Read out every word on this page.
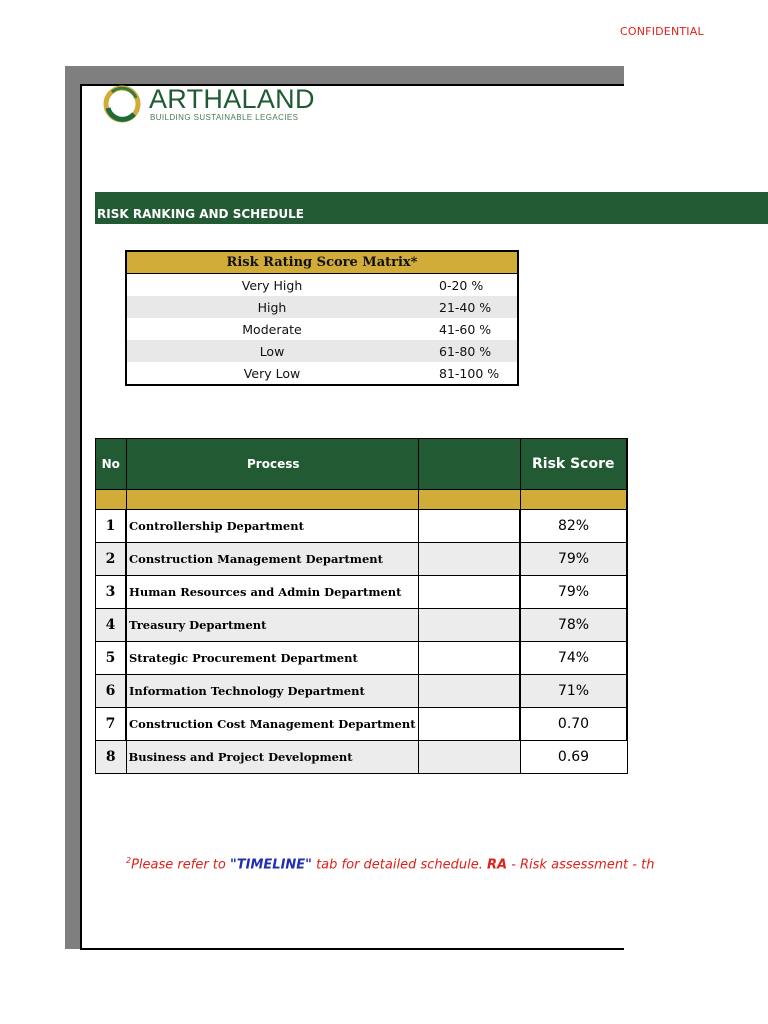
CONFIDENTIAL
ARTHALAND
BUILDING SUSTAINABLE LEGACIES
RISK RANKING AND SCHEDULE
Risk Rating Score Matrix*
Very High	0-20 %
High	21-40 %
Moderate	41-60 %
Low	61-80 %
Very Low	81-100 %
No	Process		Risk Score

1	Controllership Department		82%
2	Construction Management Department		79%
3	Human Resources and Admin Department		79%
4	Treasury Department		78%
5	Strategic Procurement Department		74%
6	Information Technology Department		71%
7	Construction Cost Management Department		0.70
8	Business and Project Development		0.69
$^2$Please refer to "TIMELINE" tab for detailed schedule. RA - Risk assessment - th
